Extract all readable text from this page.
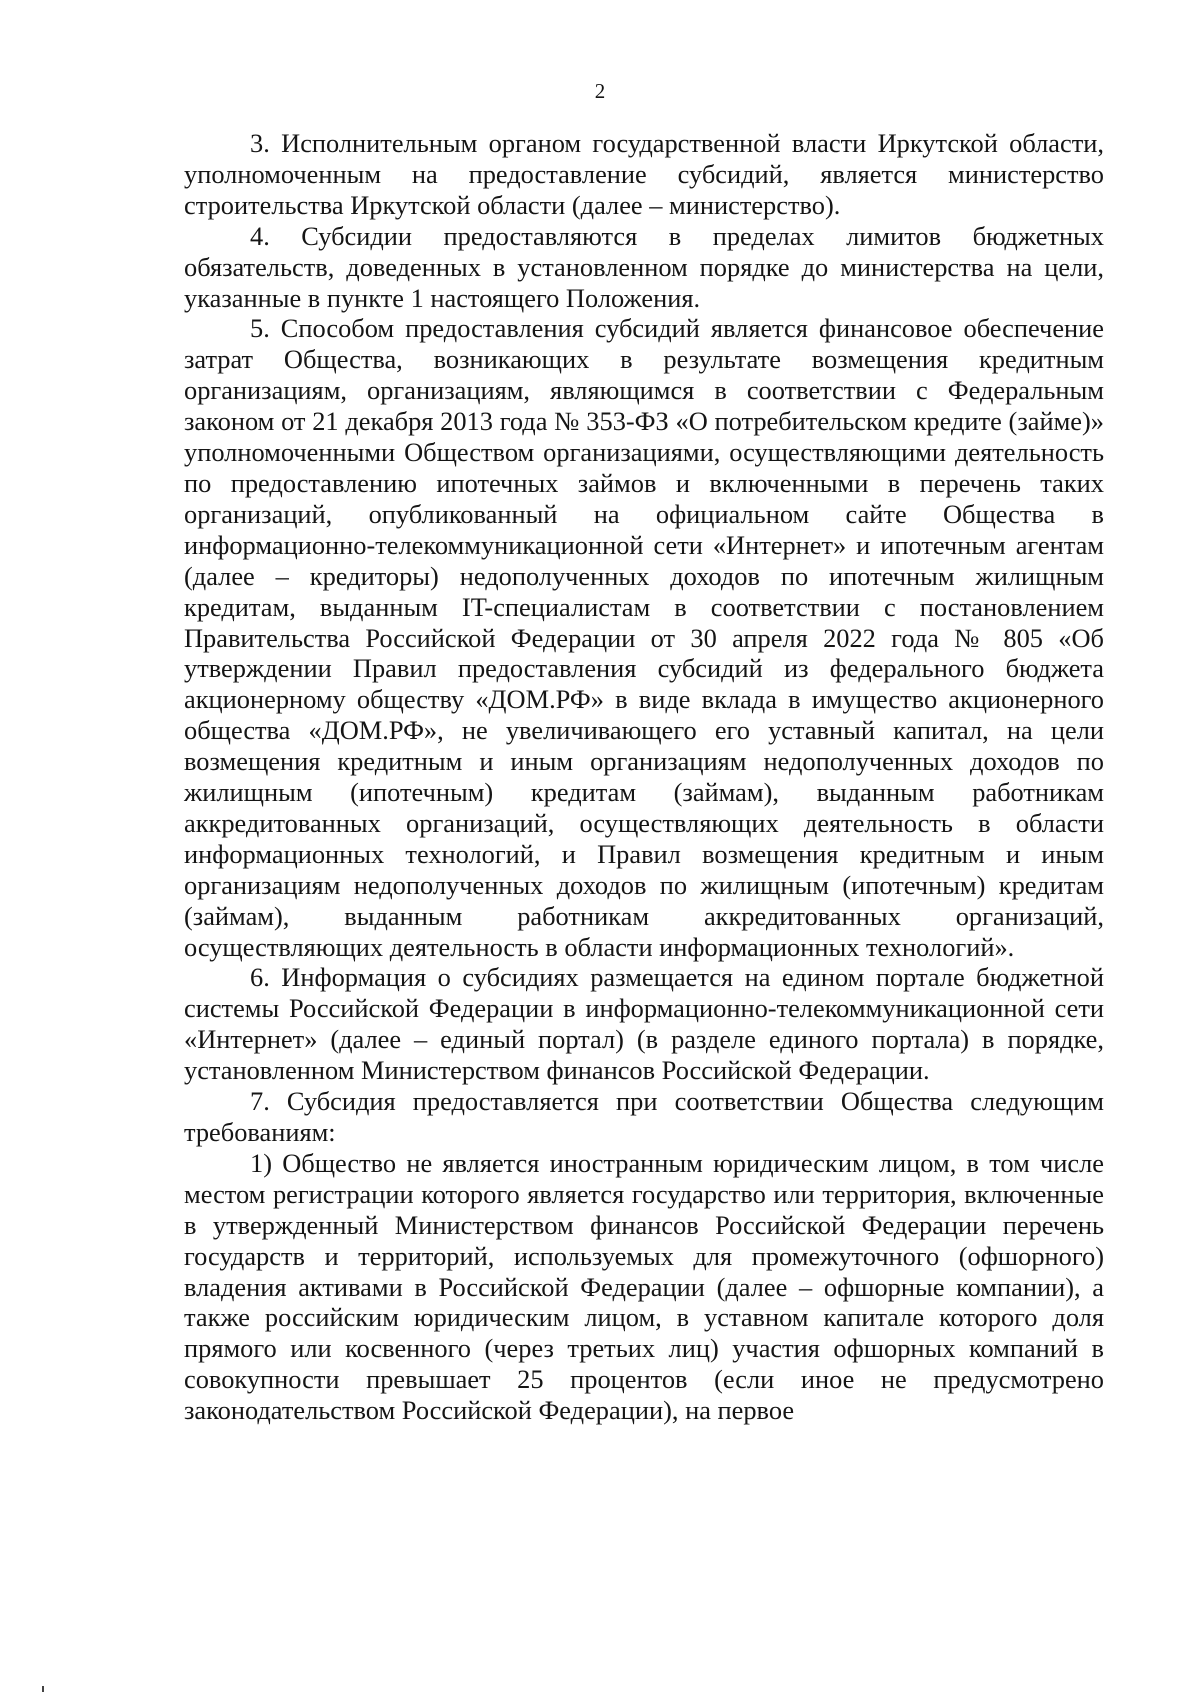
2

3. Исполнительным органом государственной власти Иркутской области, уполномоченным на предоставление субсидий, является министерство строительства Иркутской области (далее – министерство).

4. Субсидии предоставляются в пределах лимитов бюджетных обязательств, доведенных в установленном порядке до министерства на цели, указанные в пункте 1 настоящего Положения.

5. Способом предоставления субсидий является финансовое обеспечение затрат Общества, возникающих в результате возмещения кредитным организациям, организациям, являющимся в соответствии с Федеральным законом от 21 декабря 2013 года № 353-ФЗ «О потребительском кредите (займе)» уполномоченными Обществом организациями, осуществляющими деятельность по предоставлению ипотечных займов и включенными в перечень таких организаций, опубликованный на официальном сайте Общества в информационно-телекоммуникационной сети «Интернет» и ипотечным агентам (далее – кредиторы) недополученных доходов по ипотечным жилищным кредитам, выданным IT-специалистам в соответствии с постановлением Правительства Российской Федерации от 30 апреля 2022 года № 805 «Об утверждении Правил предоставления субсидий из федерального бюджета акционерному обществу «ДОМ.РФ» в виде вклада в имущество акционерного общества «ДОМ.РФ», не увеличивающего его уставный капитал, на цели возмещения кредитным и иным организациям недополученных доходов по жилищным (ипотечным) кредитам (займам), выданным работникам аккредитованных организаций, осуществляющих деятельность в области информационных технологий, и Правил возмещения кредитным и иным организациям недополученных доходов по жилищным (ипотечным) кредитам (займам), выданным работникам аккредитованных организаций, осуществляющих деятельность в области информационных технологий».

6. Информация о субсидиях размещается на едином портале бюджетной системы Российской Федерации в информационно-телекоммуникационной сети «Интернет» (далее – единый портал) (в разделе единого портала) в порядке, установленном Министерством финансов Российской Федерации.

7. Субсидия предоставляется при соответствии Общества следующим требованиям:

1) Общество не является иностранным юридическим лицом, в том числе местом регистрации которого является государство или территория, включенные в утвержденный Министерством финансов Российской Федерации перечень государств и территорий, используемых для промежуточного (офшорного) владения активами в Российской Федерации (далее – офшорные компании), а также российским юридическим лицом, в уставном капитале которого доля прямого или косвенного (через третьих лиц) участия офшорных компаний в совокупности превышает 25 процентов (если иное не предусмотрено законодательством Российской Федерации), на первое
